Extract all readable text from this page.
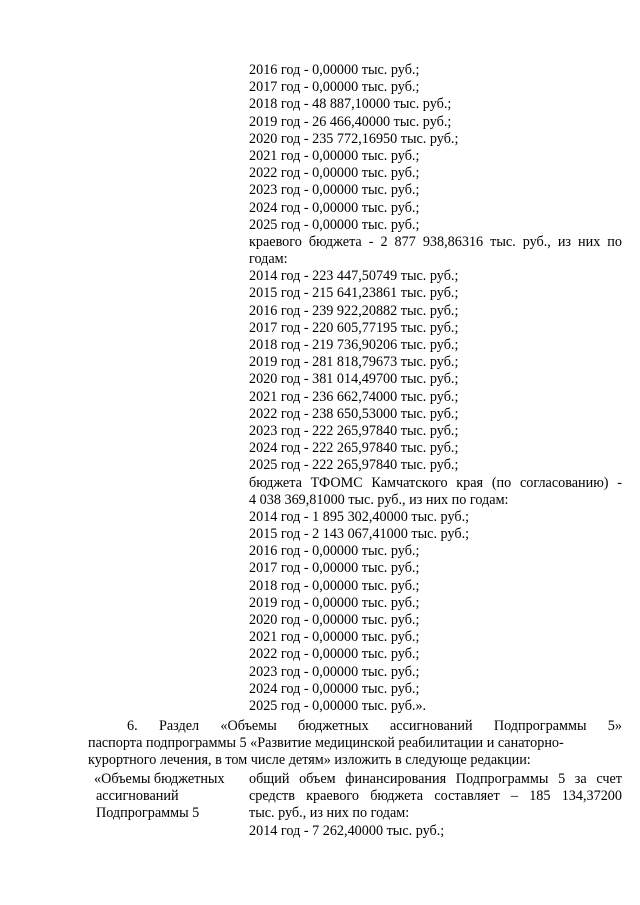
2016 год - 0,00000 тыс. руб.;
2017 год - 0,00000 тыс. руб.;
2018 год - 48 887,10000 тыс. руб.;
2019 год - 26 466,40000 тыс. руб.;
2020 год - 235 772,16950 тыс. руб.;
2021 год - 0,00000 тыс. руб.;
2022 год - 0,00000 тыс. руб.;
2023 год - 0,00000 тыс. руб.;
2024 год - 0,00000 тыс. руб.;
2025 год - 0,00000 тыс. руб.;
краевого бюджета - 2 877 938,86316 тыс. руб., из них по
годам:
2014 год - 223 447,50749 тыс. руб.;
2015 год - 215 641,23861 тыс. руб.;
2016 год - 239 922,20882 тыс. руб.;
2017 год - 220 605,77195 тыс. руб.;
2018 год - 219 736,90206 тыс. руб.;
2019 год - 281 818,79673 тыс. руб.;
2020 год - 381 014,49700 тыс. руб.;
2021 год - 236 662,74000 тыс. руб.;
2022 год - 238 650,53000 тыс. руб.;
2023 год - 222 265,97840 тыс. руб.;
2024 год - 222 265,97840 тыс. руб.;
2025 год - 222 265,97840 тыс. руб.;
бюджета ТФОМС Камчатского края (по согласованию) -
4 038 369,81000 тыс. руб., из них по годам:
2014 год - 1 895 302,40000 тыс. руб.;
2015 год - 2 143 067,41000 тыс. руб.;
2016 год - 0,00000 тыс. руб.;
2017 год - 0,00000 тыс. руб.;
2018 год - 0,00000 тыс. руб.;
2019 год - 0,00000 тыс. руб.;
2020 год - 0,00000 тыс. руб.;
2021 год - 0,00000 тыс. руб.;
2022 год - 0,00000 тыс. руб.;
2023 год - 0,00000 тыс. руб.;
2024 год - 0,00000 тыс. руб.;
2025 год - 0,00000 тыс. руб.».
6. Раздел «Объемы бюджетных ассигнований Подпрограммы 5»
паспорта подпрограммы 5 «Развитие медицинской реабилитации и санаторно-
курортного лечения, в том числе детям» изложить в следующе редакции:
«Объемы бюджетных
ассигнований
Подпрограммы 5
общий объем финансирования Подпрограммы 5 за счет
средств краевого бюджета составляет – 185 134,37200
тыс. руб., из них по годам:
2014 год - 7 262,40000 тыс. руб.;
